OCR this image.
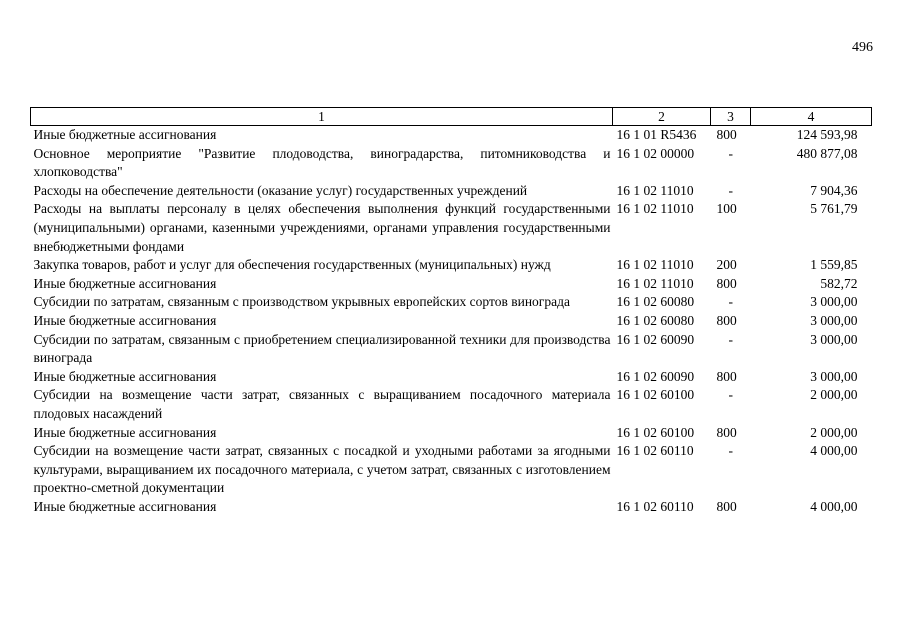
496
1	2	3	4
Иные бюджетные ассигнования	16 1 01 R5436	800	124 593,98
Основное мероприятие "Развитие плодоводства, виноградарства, питомниководства и хлопководства"	16 1 02 00000	-	480 877,08
Расходы на обеспечение деятельности (оказание услуг) государственных учреждений	16 1 02 11010	-	7 904,36
Расходы на выплаты персоналу в целях обеспечения выполнения функций государственными (муниципальными) органами, казенными учреждениями, органами управления государственными внебюджетными фондами	16 1 02 11010	100	5 761,79
Закупка товаров, работ и услуг для обеспечения государственных (муниципальных) нужд	16 1 02 11010	200	1 559,85
Иные бюджетные ассигнования	16 1 02 11010	800	582,72
Субсидии по затратам, связанным с производством укрывных европейских сортов винограда	16 1 02 60080	-	3 000,00
Иные бюджетные ассигнования	16 1 02 60080	800	3 000,00
Субсидии по затратам, связанным с приобретением специализированной техники для производства винограда	16 1 02 60090	-	3 000,00
Иные бюджетные ассигнования	16 1 02 60090	800	3 000,00
Субсидии на возмещение части затрат, связанных с выращиванием посадочного материала плодовых насаждений	16 1 02 60100	-	2 000,00
Иные бюджетные ассигнования	16 1 02 60100	800	2 000,00
Субсидии на возмещение части затрат, связанных с посадкой и уходными работами за ягодными культурами, выращиванием их посадочного материала, с учетом затрат, связанных с изготовлением проектно-сметной документации	16 1 02 60110	-	4 000,00
Иные бюджетные ассигнования	16 1 02 60110	800	4 000,00
